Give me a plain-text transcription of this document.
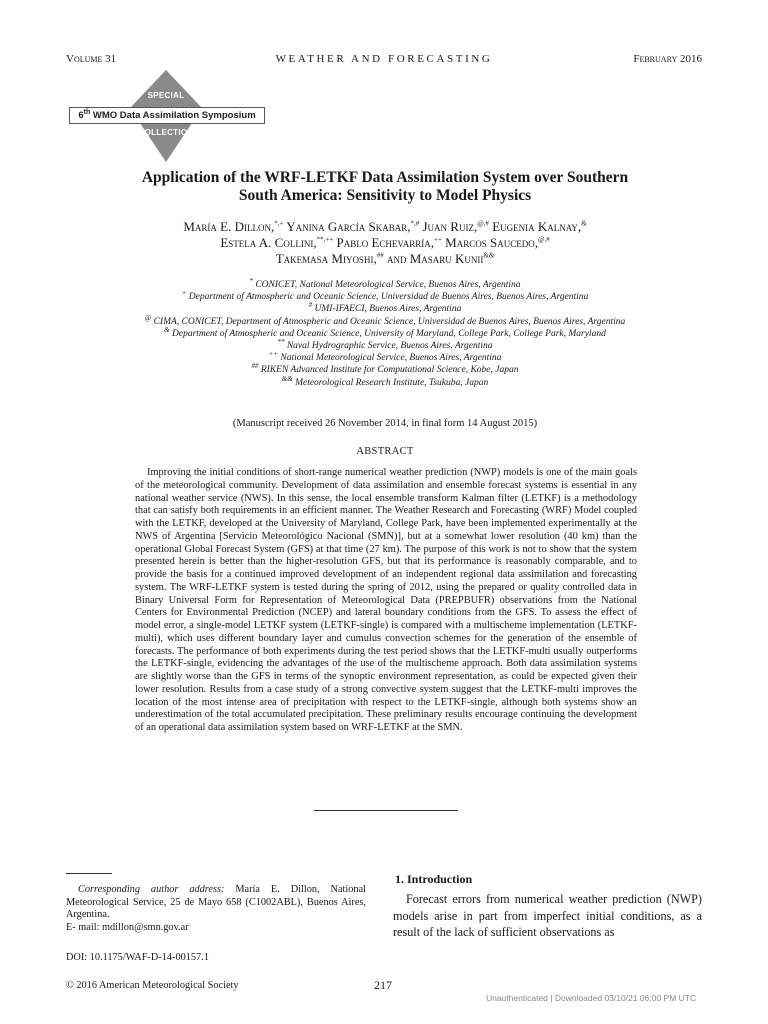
Volume 31	WEATHER AND FORECASTING	February 2016
SPECIAL
6th WMO Data Assimilation Symposium
COLLECTION
Application of the WRF-LETKF Data Assimilation System over Southern
South America: Sensitivity to Model Physics
María E. Dillon,*,+ Yanina García Skabar,*,# Juan Ruiz,@,# Eugenia Kalnay,&
Estela A. Collini,**,++ Pablo Echevarría,++ Marcos Saucedo,@,#
Takemasa Miyoshi,## and Masaru Kunii&&
* CONICET, National Meteorological Service, Buenos Aires, Argentina
+ Department of Atmospheric and Oceanic Science, Universidad de Buenos Aires, Buenos Aires, Argentina
# UMI-IFAECI, Buenos Aires, Argentina
@ CIMA, CONICET, Department of Atmospheric and Oceanic Science, Universidad de Buenos Aires, Buenos Aires, Argentina
& Department of Atmospheric and Oceanic Science, University of Maryland, College Park, College Park, Maryland
** Naval Hydrographic Service, Buenos Aires, Argentina
++ National Meteorological Service, Buenos Aires, Argentina
## RIKEN Advanced Institute for Computational Science, Kobe, Japan
&& Meteorological Research Institute, Tsukuba, Japan
(Manuscript received 26 November 2014, in final form 14 August 2015)
ABSTRACT
Improving the initial conditions of short-range numerical weather prediction (NWP) models is one of the main goals of the meteorological community. Development of data assimilation and ensemble forecast systems is essential in any national weather service (NWS). In this sense, the local ensemble transform Kalman filter (LETKF) is a methodology that can satisfy both requirements in an efficient manner. The Weather Research and Forecasting (WRF) Model coupled with the LETKF, developed at the University of Maryland, College Park, have been implemented experimentally at the NWS of Argentina [Servicio Meteorológico Nacional (SMN)], but at a somewhat lower resolution (40 km) than the operational Global Forecast System (GFS) at that time (27 km). The purpose of this work is not to show that the system presented herein is better than the higher-resolution GFS, but that its performance is reasonably comparable, and to provide the basis for a continued improved development of an independent regional data assimilation and forecasting system. The WRF-LETKF system is tested during the spring of 2012, using the prepared or quality controlled data in Binary Universal Form for Representation of Meteorological Data (PREPBUFR) observations from the National Centers for Environmental Prediction (NCEP) and lateral boundary conditions from the GFS. To assess the effect of model error, a single-model LETKF system (LETKF-single) is compared with a multischeme implementation (LETKF-multi), which uses different boundary layer and cumulus convection schemes for the generation of the ensemble of forecasts. The performance of both experiments during the test period shows that the LETKF-multi usually outperforms the LETKF-single, evidencing the advantages of the use of the multischeme approach. Both data assimilation systems are slightly worse than the GFS in terms of the synoptic environment representation, as could be expected given their lower resolution. Results from a case study of a strong convective system suggest that the LETKF-multi improves the location of the most intense area of precipitation with respect to the LETKF-single, although both systems show an underestimation of the total accumulated precipitation. These preliminary results encourage continuing the development of an operational data assimilation system based on WRF-LETKF at the SMN.
Corresponding author address: María E. Dillon, National Meteorological Service, 25 de Mayo 658 (C1002ABL), Buenos Aires, Argentina.
E- mail: mdillon@smn.gov.ar
DOI: 10.1175/WAF-D-14-00157.1
© 2016 American Meteorological Society	217
Unauthenticated | Downloaded 03/10/21 06:00 PM UTC
1. Introduction
Forecast errors from numerical weather prediction (NWP) models arise in part from imperfect initial conditions, as a result of the lack of sufficient observations as
